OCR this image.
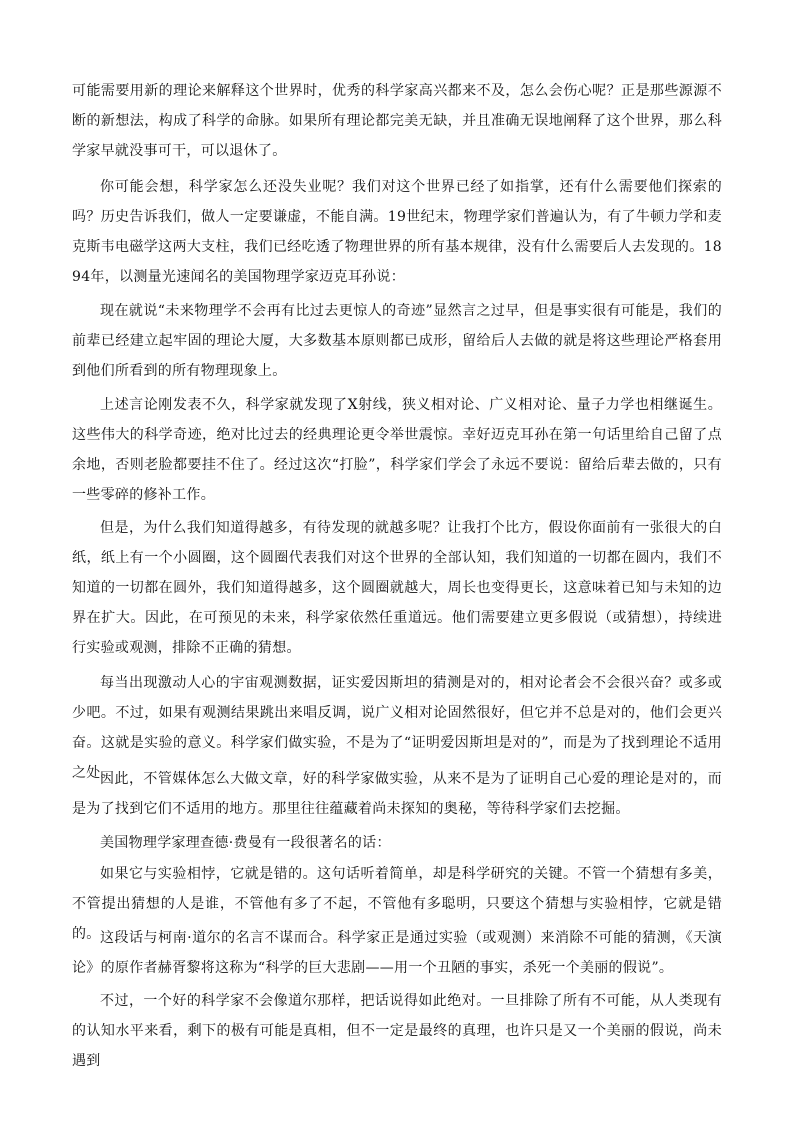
可能需要用新的理论来解释这个世界时，优秀的科学家高兴都来不及，怎么会伤心呢？正是那些源源不断的新想法，构成了科学的命脉。如果所有理论都完美无缺，并且准确无误地阐释了这个世界，那么科学家早就没事可干，可以退休了。

你可能会想，科学家怎么还没失业呢？我们对这个世界已经了如指掌，还有什么需要他们探索的吗？历史告诉我们，做人一定要谦虚，不能自满。19世纪末，物理学家们普遍认为，有了牛顿力学和麦克斯韦电磁学这两大支柱，我们已经吃透了物理世界的所有基本规律，没有什么需要后人去发现的。1894年，以测量光速闻名的美国物理学家迈克耳孙说：

现在就说“未来物理学不会再有比过去更惊人的奇迹”显然言之过早，但是事实很有可能是，我们的前辈已经建立起牢固的理论大厦，大多数基本原则都已成形，留给后人去做的就是将这些理论严格套用到他们所看到的所有物理现象上。

上述言论刚发表不久，科学家就发现了X射线，狭义相对论、广义相对论、量子力学也相继诞生。这些伟大的科学奇迹，绝对比过去的经典理论更令举世震惊。幸好迈克耳孙在第一句话里给自己留了点余地，否则老脸都要挂不住了。经过这次“打脸”，科学家们学会了永远不要说：留给后辈去做的，只有一些零碎的修补工作。

但是，为什么我们知道得越多，有待发现的就越多呢？让我打个比方，假设你面前有一张很大的白纸，纸上有一个小圆圈，这个圆圈代表我们对这个世界的全部认知，我们知道的一切都在圆内，我们不知道的一切都在圆外，我们知道得越多，这个圆圈就越大，周长也变得更长，这意味着已知与未知的边界在扩大。因此，在可预见的未来，科学家依然任重道远。他们需要建立更多假说（或猜想），持续进行实验或观测，排除不正确的猜想。

每当出现激动人心的宇宙观测数据，证实爱因斯坦的猜测是对的，相对论者会不会很兴奋？或多或少吧。不过，如果有观测结果跳出来唱反调，说广义相对论固然很好，但它并不总是对的，他们会更兴奋。这就是实验的意义。科学家们做实验，不是为了“证明爱因斯坦是对的”，而是为了找到理论不适用之处。

因此，不管媒体怎么大做文章，好的科学家做实验，从来不是为了证明自己心爱的理论是对的，而是为了找到它们不适用的地方。那里往往蕴藏着尚未探知的奥秘，等待科学家们去挖掘。

美国物理学家理查德·费曼有一段很著名的话：

如果它与实验相悖，它就是错的。这句话听着简单，却是科学研究的关键。不管一个猜想有多美，不管提出猜想的人是谁，不管他有多了不起，不管他有多聪明，只要这个猜想与实验相悖，它就是错的。 这段话与柯南·道尔的名言不谋而合。科学家正是通过实验（或观测）来消除不可能的猜测，《天演论》的原作者赫胥黎将这称为“科学的巨大悲剧——用一个丑陋的事实，杀死一个美丽的假说”。

不过，一个好的科学家不会像道尔那样，把话说得如此绝对。一旦排除了所有不可能，从人类现有的认知水平来看，剩下的极有可能是真相，但不一定是最终的真理，也许只是又一个美丽的假说，尚未遇到
